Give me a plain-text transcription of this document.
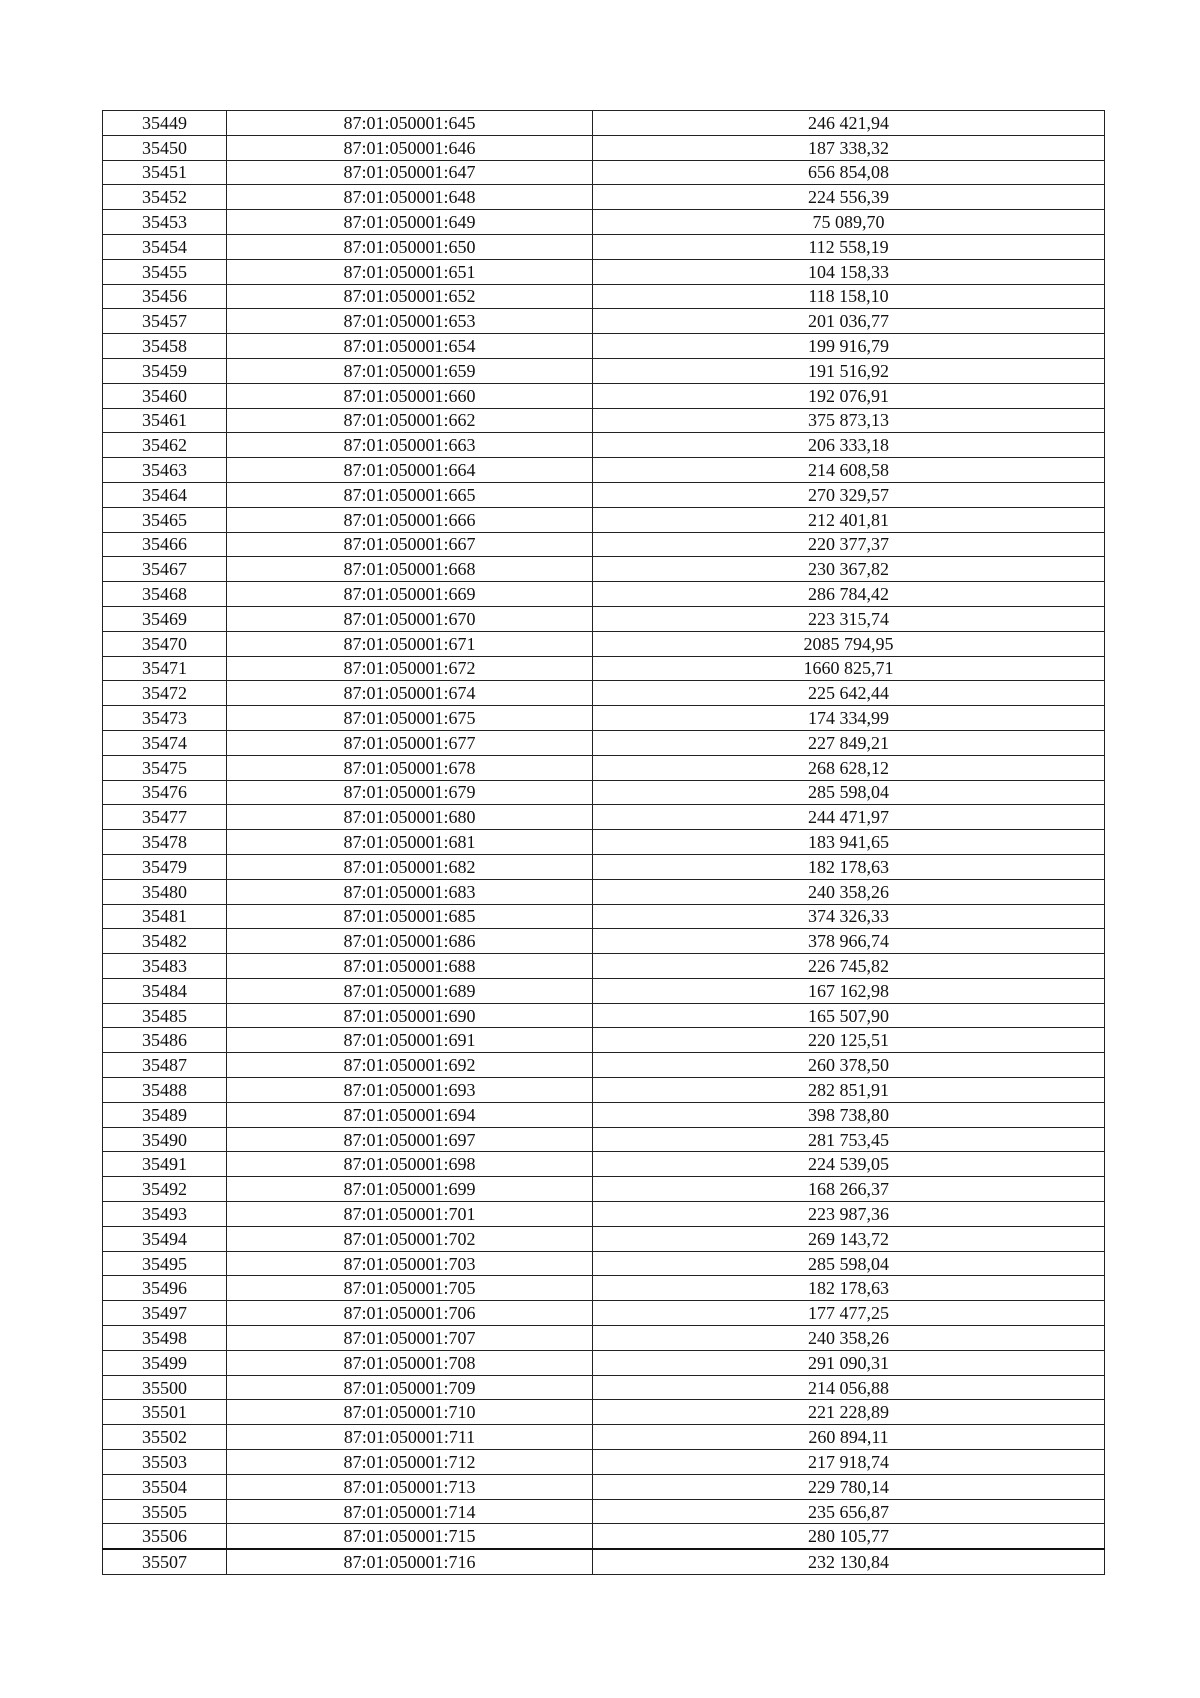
35449	87:01:050001:645	246 421,94
35450	87:01:050001:646	187 338,32
35451	87:01:050001:647	656 854,08
35452	87:01:050001:648	224 556,39
35453	87:01:050001:649	75 089,70
35454	87:01:050001:650	112 558,19
35455	87:01:050001:651	104 158,33
35456	87:01:050001:652	118 158,10
35457	87:01:050001:653	201 036,77
35458	87:01:050001:654	199 916,79
35459	87:01:050001:659	191 516,92
35460	87:01:050001:660	192 076,91
35461	87:01:050001:662	375 873,13
35462	87:01:050001:663	206 333,18
35463	87:01:050001:664	214 608,58
35464	87:01:050001:665	270 329,57
35465	87:01:050001:666	212 401,81
35466	87:01:050001:667	220 377,37
35467	87:01:050001:668	230 367,82
35468	87:01:050001:669	286 784,42
35469	87:01:050001:670	223 315,74
35470	87:01:050001:671	2085 794,95
35471	87:01:050001:672	1660 825,71
35472	87:01:050001:674	225 642,44
35473	87:01:050001:675	174 334,99
35474	87:01:050001:677	227 849,21
35475	87:01:050001:678	268 628,12
35476	87:01:050001:679	285 598,04
35477	87:01:050001:680	244 471,97
35478	87:01:050001:681	183 941,65
35479	87:01:050001:682	182 178,63
35480	87:01:050001:683	240 358,26
35481	87:01:050001:685	374 326,33
35482	87:01:050001:686	378 966,74
35483	87:01:050001:688	226 745,82
35484	87:01:050001:689	167 162,98
35485	87:01:050001:690	165 507,90
35486	87:01:050001:691	220 125,51
35487	87:01:050001:692	260 378,50
35488	87:01:050001:693	282 851,91
35489	87:01:050001:694	398 738,80
35490	87:01:050001:697	281 753,45
35491	87:01:050001:698	224 539,05
35492	87:01:050001:699	168 266,37
35493	87:01:050001:701	223 987,36
35494	87:01:050001:702	269 143,72
35495	87:01:050001:703	285 598,04
35496	87:01:050001:705	182 178,63
35497	87:01:050001:706	177 477,25
35498	87:01:050001:707	240 358,26
35499	87:01:050001:708	291 090,31
35500	87:01:050001:709	214 056,88
35501	87:01:050001:710	221 228,89
35502	87:01:050001:711	260 894,11
35503	87:01:050001:712	217 918,74
35504	87:01:050001:713	229 780,14
35505	87:01:050001:714	235 656,87
35506	87:01:050001:715	280 105,77
35507	87:01:050001:716	232 130,84
